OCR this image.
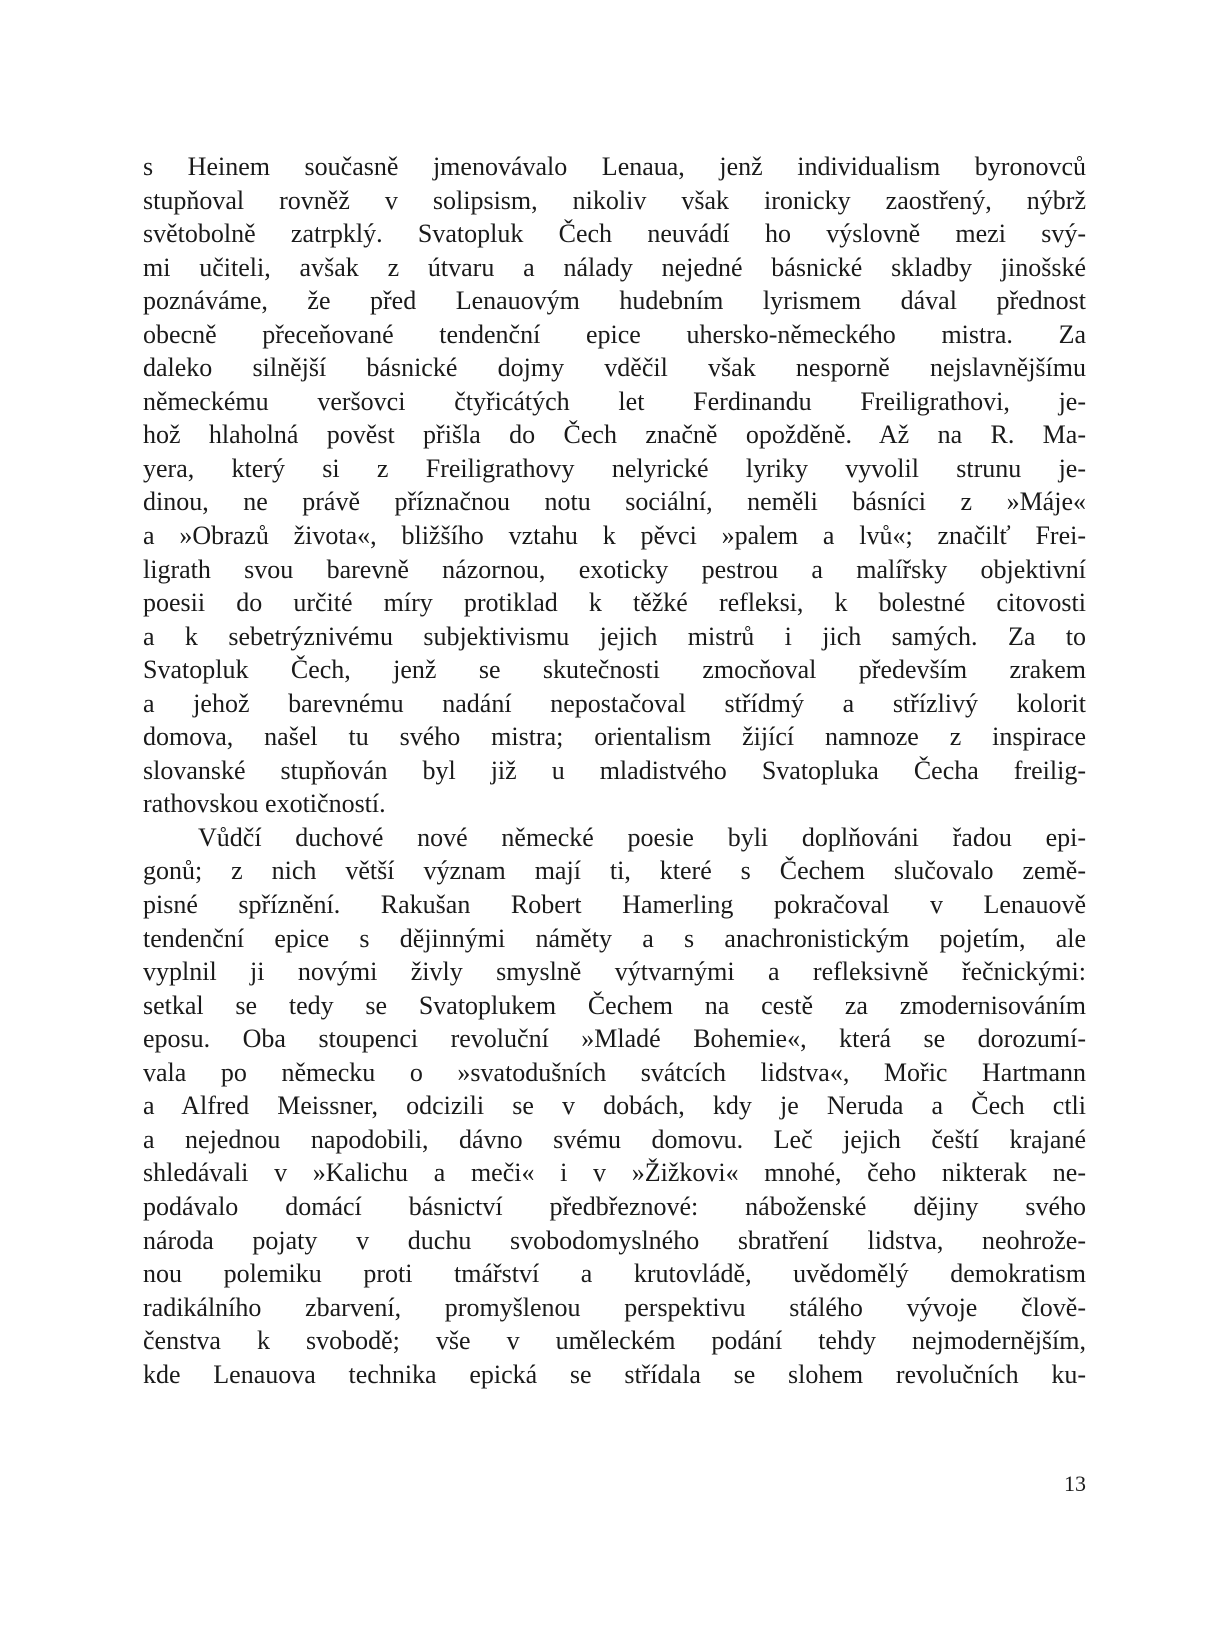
s Heinem současně jmenovávalo Lenaua, jenž individualism byronovců
stupňoval rovněž v solipsism, nikoliv však ironicky zaostřený, nýbrž
světobolně zatrpklý. Svatopluk Čech neuvádí ho výslovně mezi svý-
mi učiteli, avšak z útvaru a nálady nejedné básnické skladby jinošské
poznáváme, že před Lenauovým hudebním lyrismem dával přednost
obecně přeceňované tendenční epice uhersko-německého mistra. Za
daleko silnější básnické dojmy vděčil však nesporně nejslavnějšímu
německému veršovci čtyřicátých let Ferdinandu Freiligrathovi, je-
hož hlaholná pověst přišla do Čech značně opožděně. Až na R. Ma-
yera, který si z Freiligrathovy nelyrické lyriky vyvolil strunu je-
dinou, ne právě příznačnou notu sociální, neměli básníci z »Máje«
a »Obrazů života«, bližšího vztahu k pěvci »palem a lvů«; značilť Frei-
ligrath svou barevně názornou, exoticky pestrou a malířsky objektivní
poesii do určité míry protiklad k těžké refleksi, k bolestné citovosti
a k sebetrýznivému subjektivismu jejich mistrů i jich samých. Za to
Svatopluk Čech, jenž se skutečnosti zmocňoval především zrakem
a jehož barevnému nadání nepostačoval střídmý a střízlivý kolorit
domova, našel tu svého mistra; orientalism žijící namnoze z inspirace
slovanské stupňován byl již u mladistvého Svatopluka Čecha freilig-
rathovskou exotičností.
Vůdčí duchové nové německé poesie byli doplňováni řadou epi-
gonů; z nich větší význam mají ti, které s Čechem slučovalo země-
pisné spříznění. Rakušan Robert Hamerling pokračoval v Lenauově
tendenční epice s dějinnými náměty a s anachronistickým pojetím, ale
vyplnil ji novými živly smyslně výtvarnými a refleksivně řečnickými:
setkal se tedy se Svatoplukem Čechem na cestě za zmodernisováním
eposu. Oba stoupenci revoluční »Mladé Bohemie«, která se dorozumí-
vala po německu o »svatodušních svátcích lidstva«, Mořic Hartmann
a Alfred Meissner, odcizili se v dobách, kdy je Neruda a Čech ctli
a nejednou napodobili, dávno svému domovu. Leč jejich čeští krajané
shledávali v »Kalichu a meči« i v »Žižkovi« mnohé, čeho nikterak ne-
podávalo domácí básnictví předbřeznové: náboženské dějiny svého
národa pojaty v duchu svobodomyslného sbratření lidstva, neohrože-
nou polemiku proti tmářství a krutovládě, uvědomělý demokratism
radikálního zbarvení, promyšlenou perspektivu stálého vývoje člově-
čenstva k svobodě; vše v uměleckém podání tehdy nejmodernějším,
kde Lenauova technika epická se střídala se slohem revolučních ku-
13
